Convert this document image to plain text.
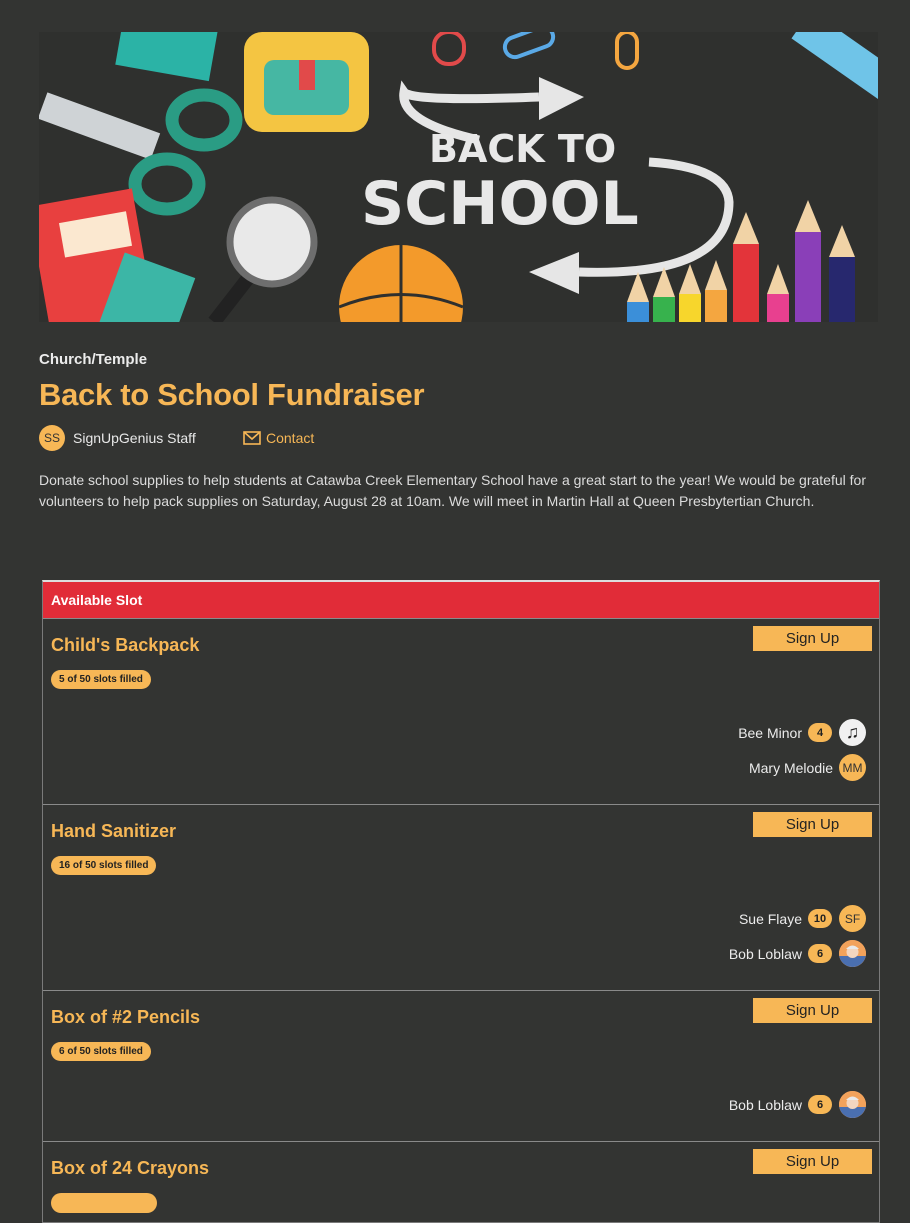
BACK TO
SCHOOL
Church/Temple
Back to School Fundraiser
SS SignUpGenius Staff	Contact
Donate school supplies to help students at Catawba Creek Elementary School have a great start to the year! We would be grateful for volunteers to help pack supplies on Saturday, August 28 at 10am. We will meet in Martin Hall at Queen Presbytertian Church.
Available Slot
Child's Backpack
5 of 50 slots filled
Sign Up
Bee Minor	4	♫
Mary Melodie MM
Hand Sanitizer
16 of 50 slots filled
Sign Up
Sue Flaye	10	SF
Bob Loblaw	6
Box of #2 Pencils
6 of 50 slots filled
Sign Up
Bob Loblaw	6
Box of 24 Crayons	Sign Up
